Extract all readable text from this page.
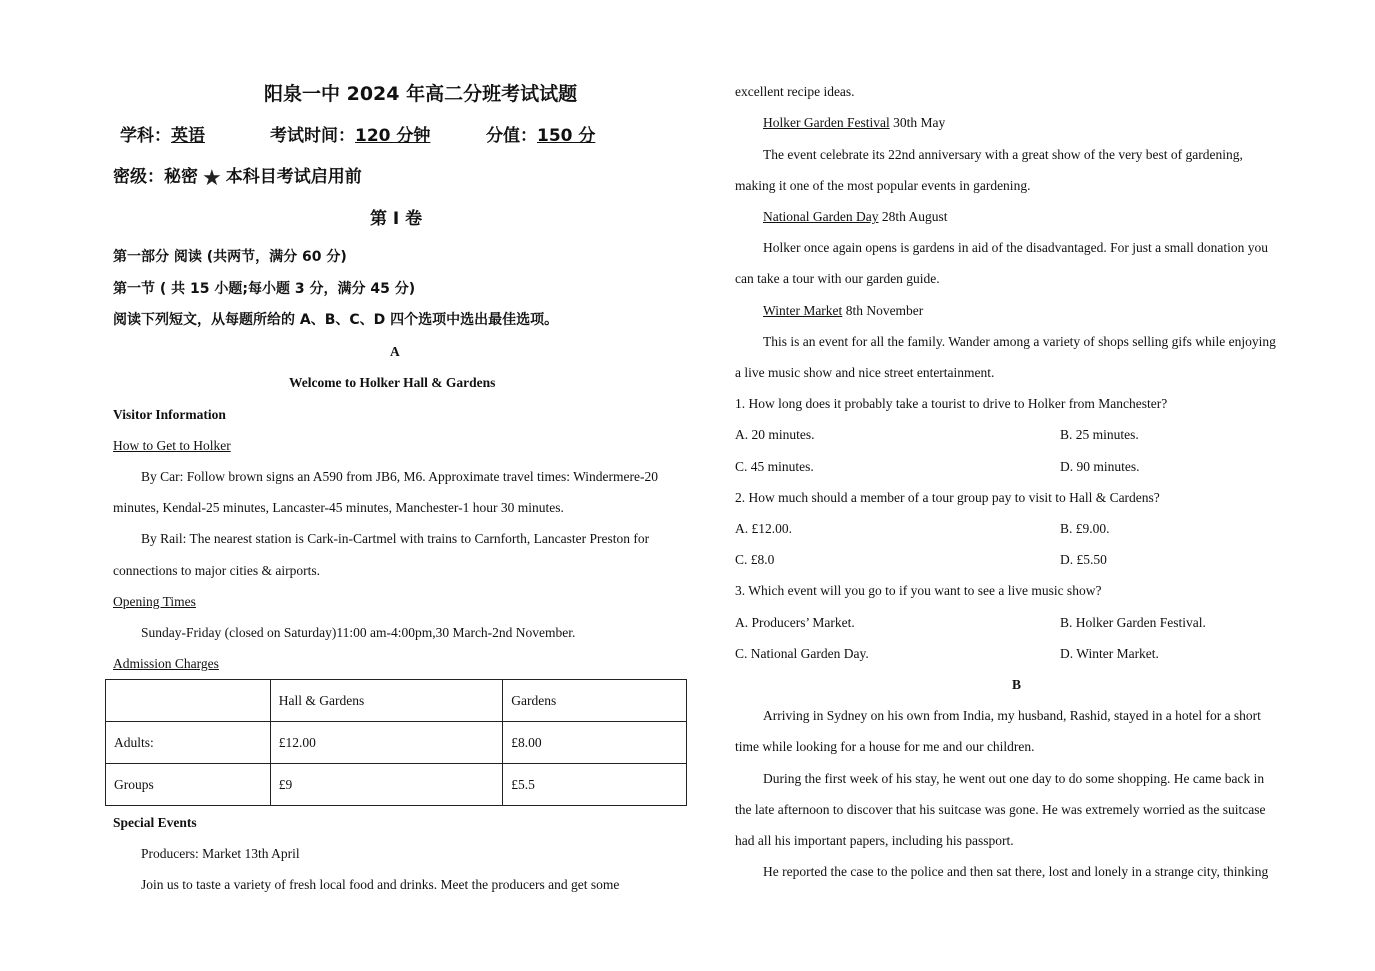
阳泉一中 2024 年高二分班考试试题
学科：英语	考试时间：120 分钟	分值：150 分
密级：秘密 ★ 本科目考试启用前
第 I 卷
第一部分 阅读 (共两节，满分 60 分)
第一节 ( 共 15 小题;每小题 3 分，满分 45 分)
阅读下列短文，从每题所给的 A、B、C、D 四个选项中选出最佳选项。
A
Welcome to Holker Hall & Gardens
Visitor Information
How to Get to Holker
By Car: Follow brown signs an A590 from JB6, M6. Approximate travel times: Windermere-20
minutes, Kendal-25 minutes, Lancaster-45 minutes, Manchester-1 hour 30 minutes.
By Rail: The nearest station is Cark-in-Cartmel with trains to Carnforth, Lancaster Preston for
connections to major cities & airports.
Opening Times
Sunday-Friday (closed on Saturday)11:00 am-4:00pm,30 March-2nd November.
Admission Charges
	Hall & Gardens	Gardens
Adults:	£12.00	£8.00
Groups	£9	£5.5
Special Events
Producers: Market 13th April
Join us to taste a variety of fresh local food and drinks. Meet the producers and get some
excellent recipe ideas.
Holker Garden Festival 30th May
The event celebrate its 22nd anniversary with a great show of the very best of gardening,
making it one of the most popular events in gardening.
National Garden Day 28th August
Holker once again opens is gardens in aid of the disadvantaged. For just a small donation you
can take a tour with our garden guide.
Winter Market 8th November
This is an event for all the family. Wander among a variety of shops selling gifs while enjoying
a live music show and nice street entertainment.
1. How long does it probably take a tourist to drive to Holker from Manchester?
A. 20 minutes.	B. 25 minutes.
C. 45 minutes.	D. 90 minutes.
2. How much should a member of a tour group pay to visit to Hall & Cardens?
A. £12.00.	B. £9.00.
C. £8.0	D. £5.50
3. Which event will you go to if you want to see a live music show?
A. Producers’ Market.	B. Holker Garden Festival.
C. National Garden Day.	D. Winter Market.
B
Arriving in Sydney on his own from India, my husband, Rashid, stayed in a hotel for a short
time while looking for a house for me and our children.
During the first week of his stay, he went out one day to do some shopping. He came back in
the late afternoon to discover that his suitcase was gone. He was extremely worried as the suitcase
had all his important papers, including his passport.
He reported the case to the police and then sat there, lost and lonely in a strange city, thinking
